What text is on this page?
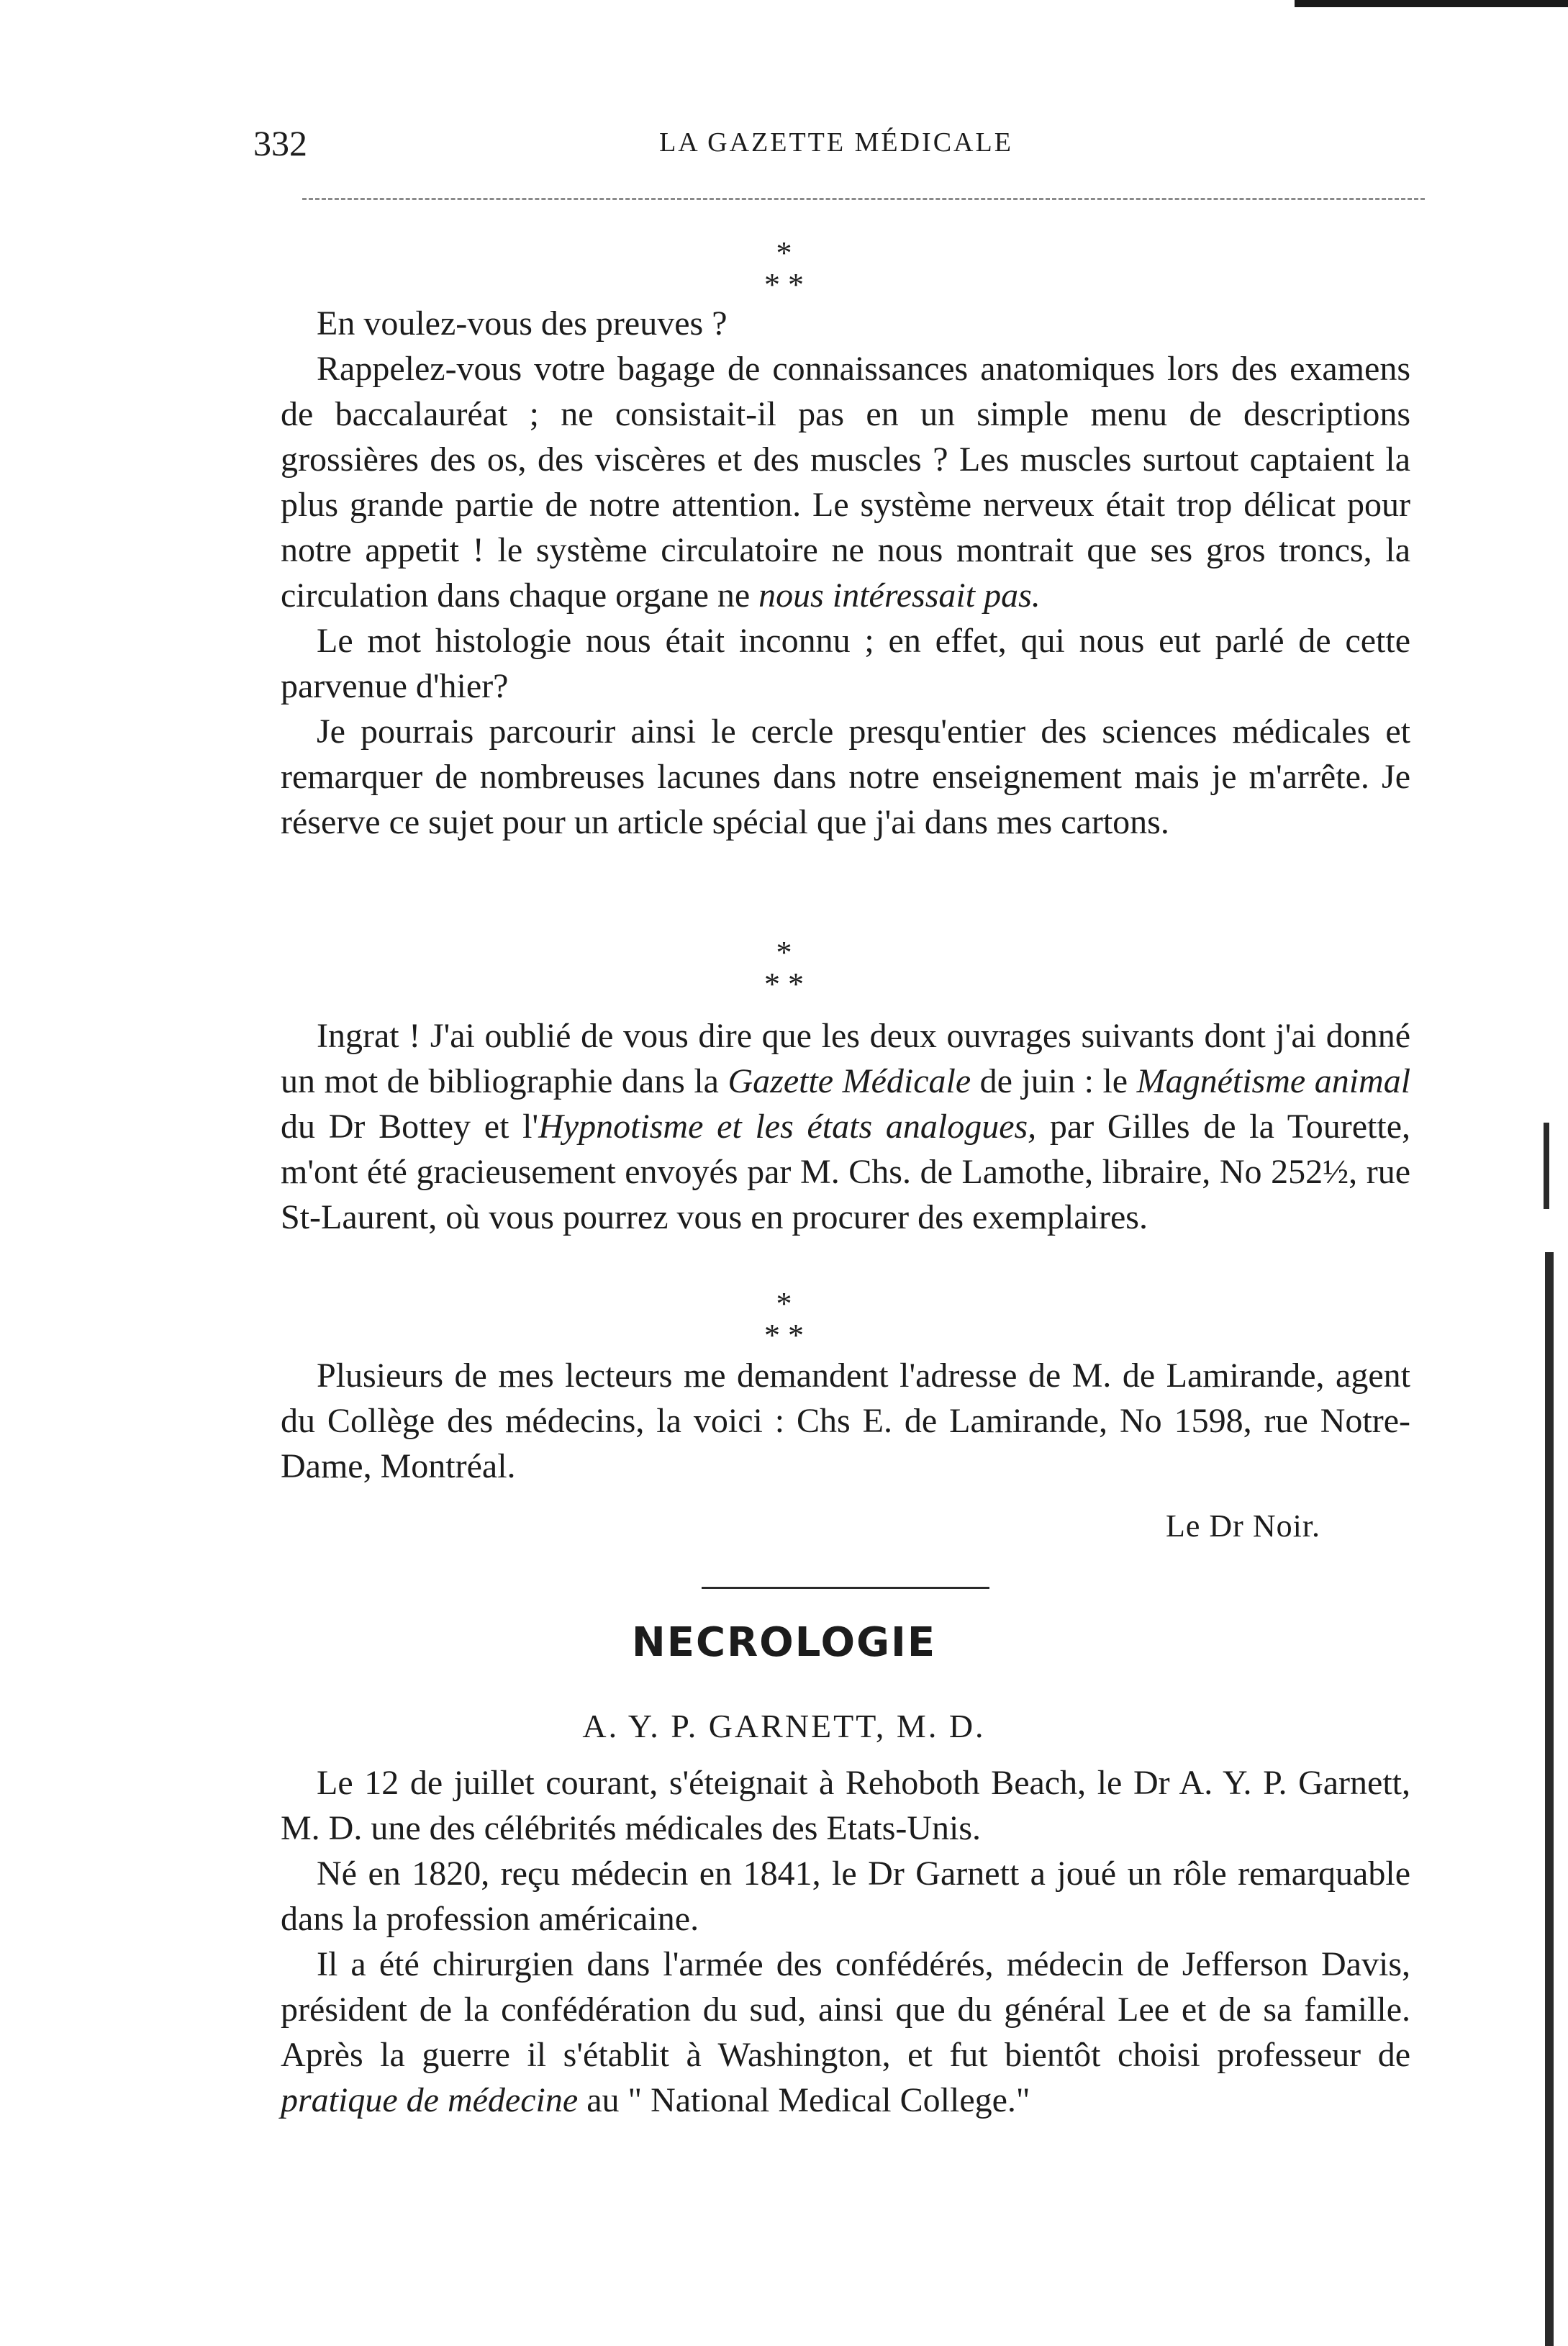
332	LA GAZETTE MÉDICALE
*
* *

En voulez-vous des preuves ?

Rappelez-vous votre bagage de connaissances anatomiques lors des examens de baccalauréat ; ne consistait-il pas en un simple menu de descriptions grossières des os, des viscères et des muscles ? Les muscles surtout captaient la plus grande partie de notre attention. Le système nerveux était trop délicat pour notre appetit ! le système circulatoire ne nous montrait que ses gros troncs, la circulation dans chaque organe ne nous intéressait pas.

Le mot histologie nous était inconnu ; en effet, qui nous eut parlé de cette parvenue d'hier?

Je pourrais parcourir ainsi le cercle presqu'entier des sciences médicales et remarquer de nombreuses lacunes dans notre enseignement mais je m'arrête. Je réserve ce sujet pour un article spécial que j'ai dans mes cartons.

*
* *

Ingrat ! J'ai oublié de vous dire que les deux ouvrages suivants dont j'ai donné un mot de bibliographie dans la Gazette Médicale de juin : le Magnétisme animal du Dr Bottey et l'Hypnotisme et les états analogues, par Gilles de la Tourette, m'ont été gracieusement envoyés par M. Chs. de Lamothe, libraire, No 252½, rue St-Laurent, où vous pourrez vous en procurer des exemplaires.

*
* *

Plusieurs de mes lecteurs me demandent l'adresse de M. de Lamirande, agent du Collège des médecins, la voici : Chs E. de Lamirande, No 1598, rue Notre-Dame, Montréal.

Le Dr Noir.
NECROLOGIE
A. Y. P. GARNETT, M. D.

Le 12 de juillet courant, s'éteignait à Rehoboth Beach, le Dr A. Y. P. Garnett, M. D. une des célébrités médicales des Etats-Unis.

Né en 1820, reçu médecin en 1841, le Dr Garnett a joué un rôle remarquable dans la profession américaine.

Il a été chirurgien dans l'armée des confédérés, médecin de Jefferson Davis, président de la confédération du sud, ainsi que du général Lee et de sa famille. Après la guerre il s'établit à Washington, et fut bientôt choisi professeur de pratique de médecine au " National Medical College."
